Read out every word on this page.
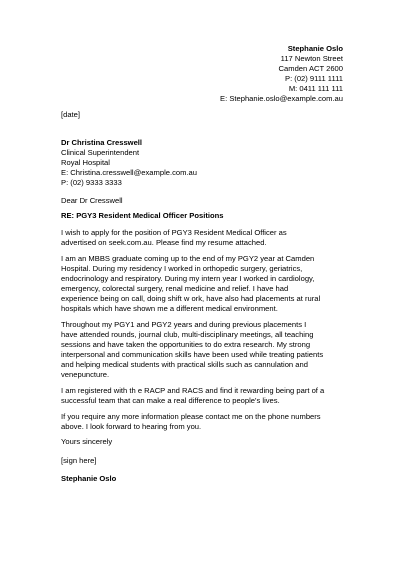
Stephanie Oslo
117 Newton Street
Camden ACT 2600
P: (02) 9111 1111
M: 0411 111 111
E: Stephanie.oslo@example.com.au
[date]
Dr Christina Cresswell
Clinical Superintendent
Royal Hospital
E: Christina.cresswell@example.com.au
P: (02) 9333 3333
Dear Dr Cresswell
RE: PGY3 Resident Medical Officer Positions

I wish to apply for the position of PGY3 Resident Medical Officer as
advertised on seek.com.au. Please find my resume attached.

I am an MBBS graduate coming up to the end of my PGY2 year at Camden
Hospital. During my residency I worked in orthopedic surgery, geriatrics,
endocrinology and respiratory. During my intern year I worked in cardiology,
emergency, colorectal surgery, renal medicine and relief. I have had
experience being on call, doing shift w ork, have also had placements at rural
hospitals which have shown me a different medical environment.

Throughout my PGY1 and PGY2 years and during previous placements I
have attended rounds, journal club, multi-disciplinary meetings, all teaching
sessions and have taken the opportunities to do extra research. My strong
interpersonal and communication skills have been used while treating patients
and helping medical students with practical skills such as cannulation and
venepuncture.

I am registered with th e RACP and RACS and find it rewarding being part of a
successful team that can make a real difference to people's lives.

If you require any more information please contact me on the phone numbers
above. I look forward to hearing from you.

Yours sincerely
[sign here]
Stephanie Oslo
